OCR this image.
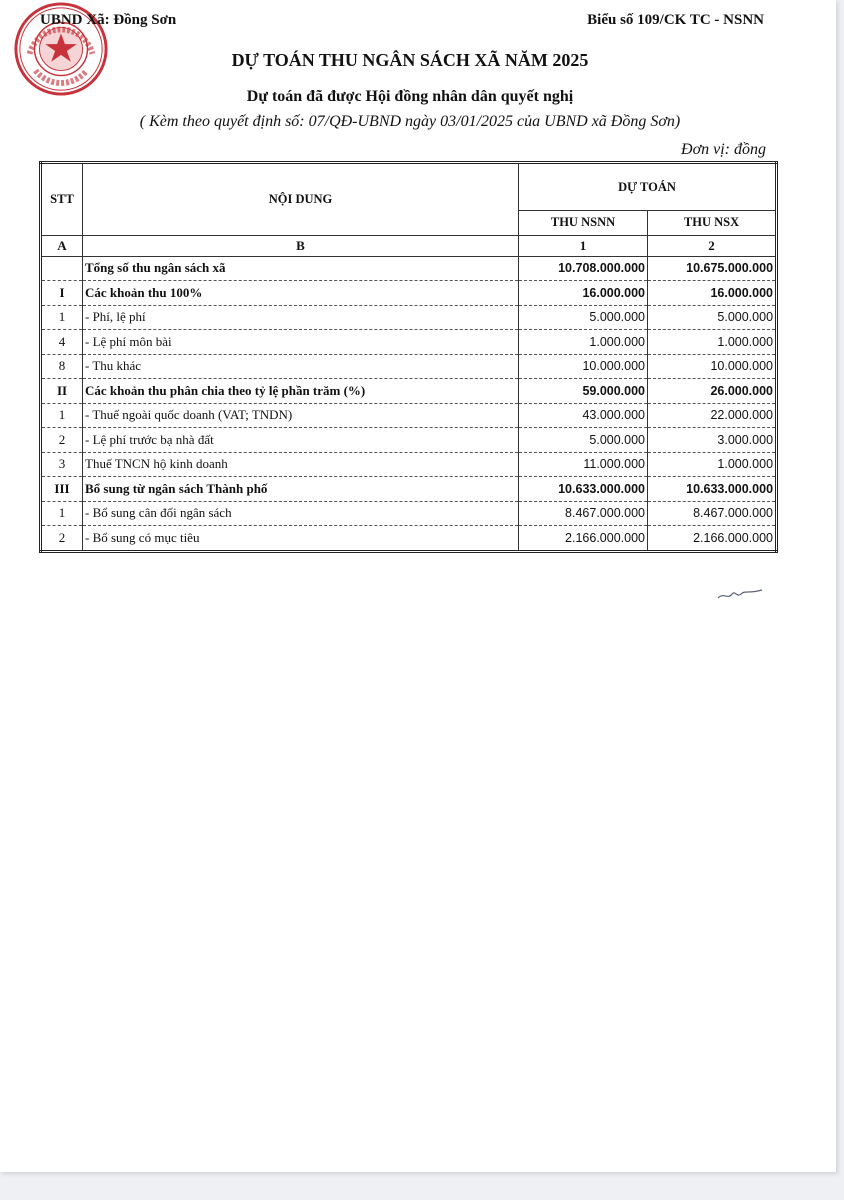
UBND Xã: Đồng Sơn	Biểu số 109/CK TC - NSNN
DỰ TOÁN THU NGÂN SÁCH XÃ NĂM 2025
Dự toán đã được Hội đồng nhân dân quyết nghị
( Kèm theo quyết định số: 07/QĐ-UBND ngày 03/01/2025 của UBND xã Đồng Sơn)
Đơn vị: đồng
STT	NỘI DUNG	DỰ TOÁN	
		THU NSNN	THU NSX
A	B	1	2
	Tổng số thu ngân sách xã	10.708.000.000	10.675.000.000
I	Các khoản thu 100%	16.000.000	16.000.000
1	- Phí, lệ phí	5.000.000	5.000.000
4	- Lệ phí môn bài	1.000.000	1.000.000
8	- Thu khác	10.000.000	10.000.000
II	Các khoản thu phân chia theo tỷ lệ phần trăm (%)	59.000.000	26.000.000
1	- Thuế ngoài quốc doanh (VAT; TNDN)	43.000.000	22.000.000
2	- Lệ phí trước bạ nhà đất	5.000.000	3.000.000
3	Thuế TNCN hộ kinh doanh	11.000.000	1.000.000
III	Bổ sung từ ngân sách Thành phố	10.633.000.000	10.633.000.000
1	- Bổ sung cân đối ngân sách	8.467.000.000	8.467.000.000
2	- Bổ sung có mục tiêu	2.166.000.000	2.166.000.000
